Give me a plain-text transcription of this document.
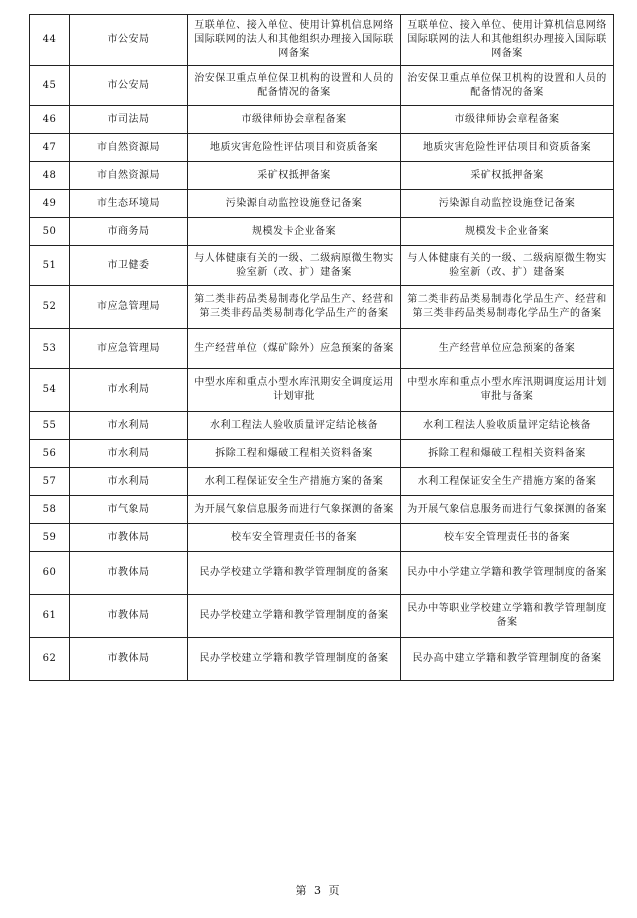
44	市公安局	互联单位、接入单位、使用计算机信息网络国际联网的法人和其他组织办理接入国际联网备案	互联单位、接入单位、使用计算机信息网络国际联网的法人和其他组织办理接入国际联网备案
45	市公安局	治安保卫重点单位保卫机构的设置和人员的配备情况的备案	治安保卫重点单位保卫机构的设置和人员的配备情况的备案
46	市司法局	市级律师协会章程备案	市级律师协会章程备案
47	市自然资源局	地质灾害危险性评估项目和资质备案	地质灾害危险性评估项目和资质备案
48	市自然资源局	采矿权抵押备案	采矿权抵押备案
49	市生态环境局	污染源自动监控设施登记备案	污染源自动监控设施登记备案
50	市商务局	规模发卡企业备案	规模发卡企业备案
51	市卫健委	与人体健康有关的一级、二级病原微生物实验室新（改、扩）建备案	与人体健康有关的一级、二级病原微生物实验室新（改、扩）建备案
52	市应急管理局	第二类非药品类易制毒化学品生产、经营和第三类非药品类易制毒化学品生产的备案	第二类非药品类易制毒化学品生产、经营和第三类非药品类易制毒化学品生产的备案
53	市应急管理局	生产经营单位（煤矿除外）应急预案的备案	生产经营单位应急预案的备案
54	市水利局	中型水库和重点小型水库汛期安全调度运用计划审批	中型水库和重点小型水库汛期调度运用计划审批与备案
55	市水利局	水利工程法人验收质量评定结论核备	水利工程法人验收质量评定结论核备
56	市水利局	拆除工程和爆破工程相关资料备案	拆除工程和爆破工程相关资料备案
57	市水利局	水利工程保证安全生产措施方案的备案	水利工程保证安全生产措施方案的备案
58	市气象局	为开展气象信息服务而进行气象探测的备案	为开展气象信息服务而进行气象探测的备案
59	市教体局	校车安全管理责任书的备案	校车安全管理责任书的备案
60	市教体局	民办学校建立学籍和教学管理制度的备案	民办中小学建立学籍和教学管理制度的备案
61	市教体局	民办学校建立学籍和教学管理制度的备案	民办中等职业学校建立学籍和教学管理制度备案
62	市教体局	民办学校建立学籍和教学管理制度的备案	民办高中建立学籍和教学管理制度的备案
第 3 页
